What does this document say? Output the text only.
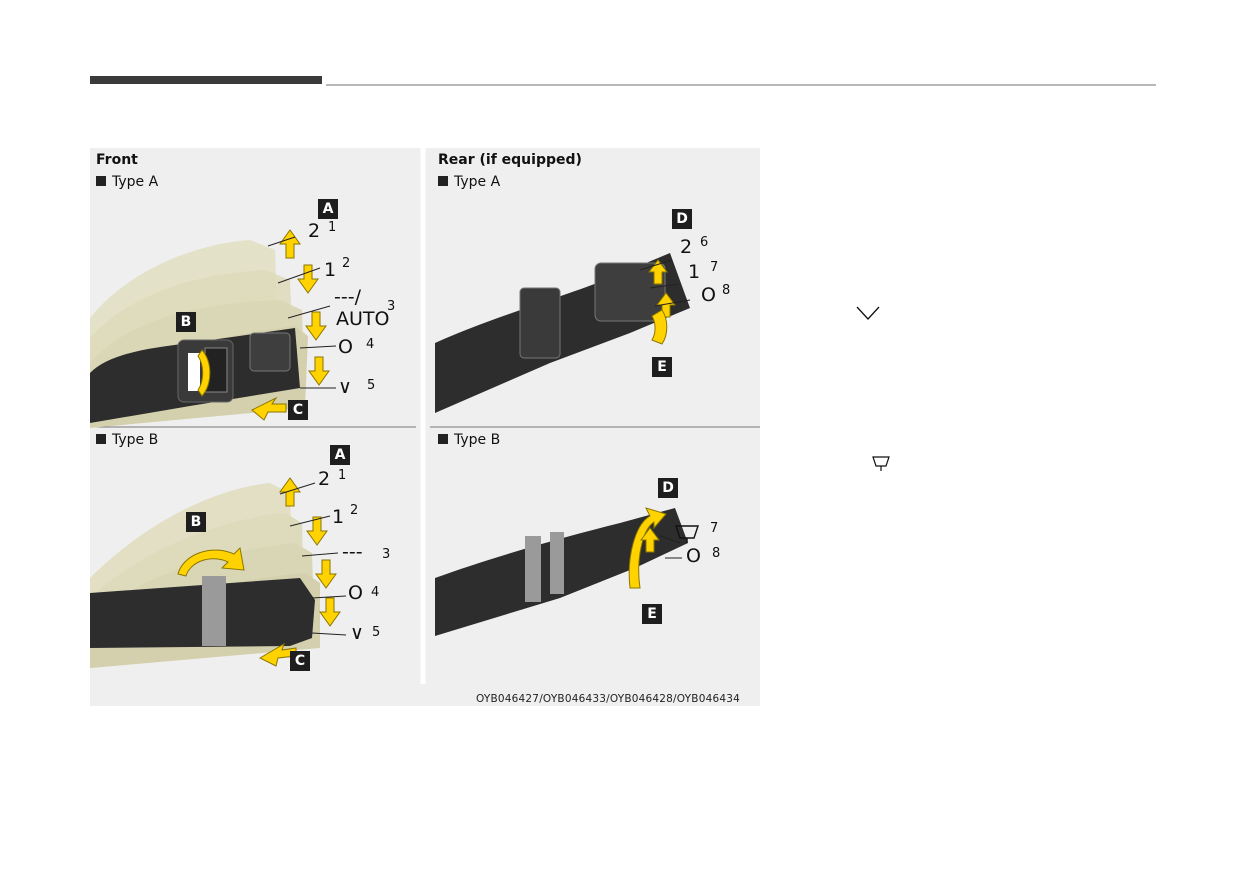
Front
Type A
Type B
Rear (if equipped)
Type A
Type B
A
B
C
2 1
1 2
---/
AUTO
3
O 4
∨ 5
A
B
C
2 1
1 2
--- 3
O 4
∨ 5
D
E
2 6
1 7
O 8
D
E
7
O 8
OYB046427/OYB046433/OYB046428/OYB046434
